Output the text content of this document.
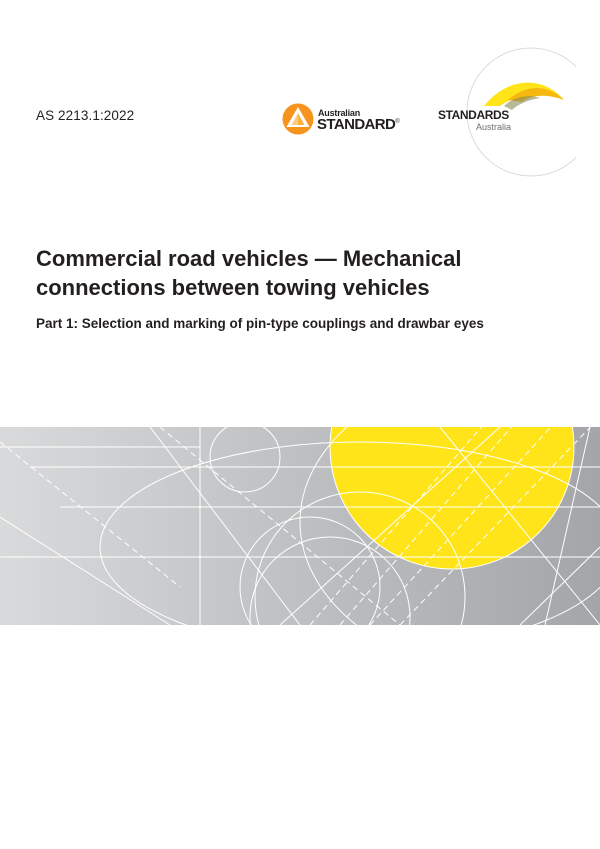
AS 2213.1:2022	Australian
STANDARD®	STANDARDS
Australia
Commercial road vehicles — Mechanical connections between towing vehicles
Part 1: Selection and marking of pin-type couplings and drawbar eyes
